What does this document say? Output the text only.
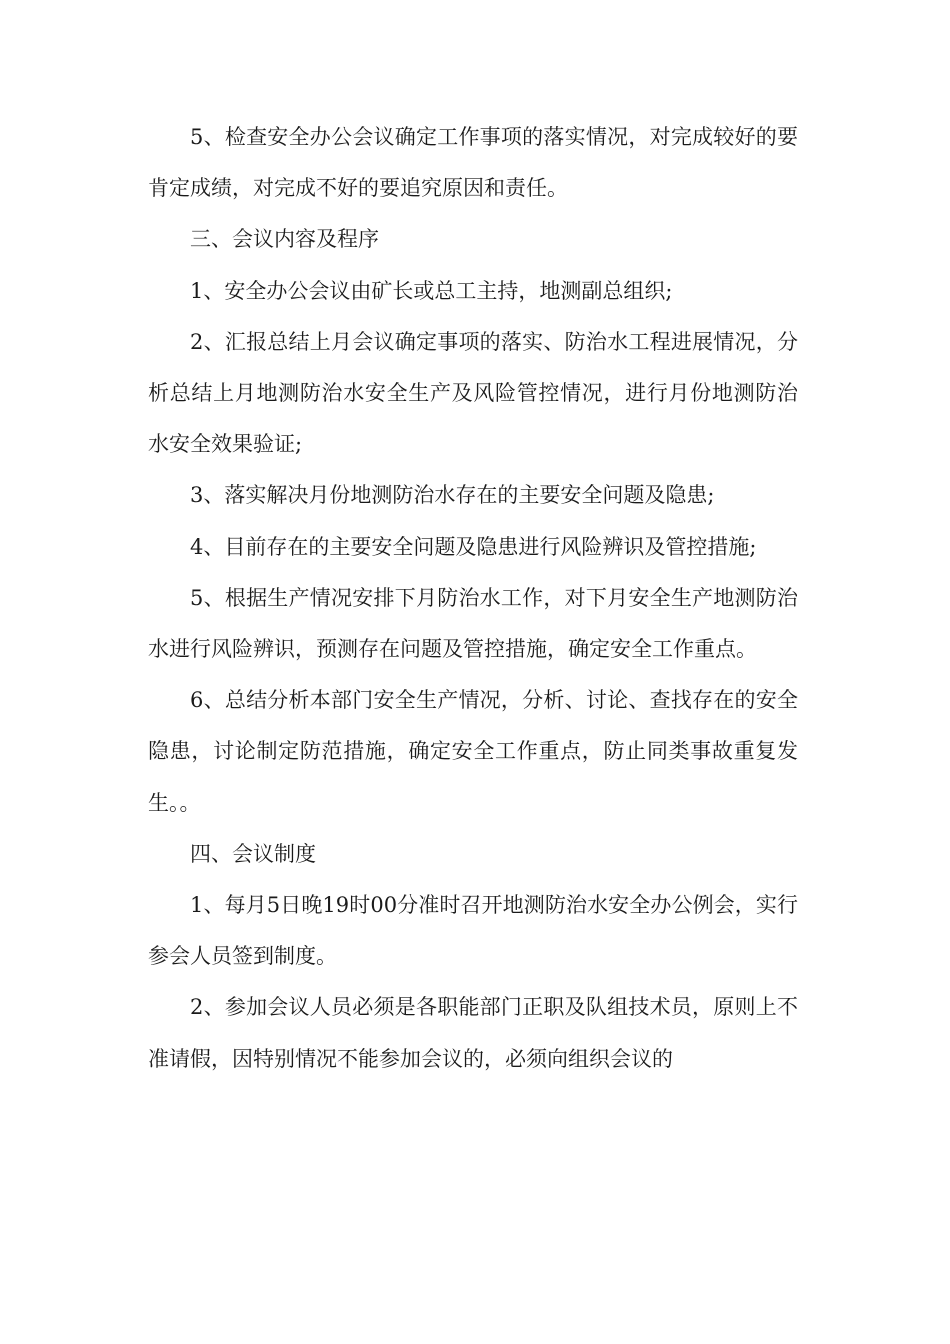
5、检查安全办公会议确定工作事项的落实情况，对完成较好的要肯定成绩，对完成不好的要追究原因和责任。

三、会议内容及程序

1、安全办公会议由矿长或总工主持，地测副总组织;

2、汇报总结上月会议确定事项的落实、防治水工程进展情况，分析总结上月地测防治水安全生产及风险管控情况，进行月份地测防治水安全效果验证;

3、落实解决月份地测防治水存在的主要安全问题及隐患;

4、目前存在的主要安全问题及隐患进行风险辨识及管控措施;

5、根据生产情况安排下月防治水工作，对下月安全生产地测防治水进行风险辨识，预测存在问题及管控措施，确定安全工作重点。

6、总结分析本部门安全生产情况，分析、讨论、查找存在的安全隐患，讨论制定防范措施，确定安全工作重点，防止同类事故重复发生。。

四、会议制度

1、每月5日晚19时00分准时召开地测防治水安全办公例会，实行参会人员签到制度。

2、参加会议人员必须是各职能部门正职及队组技术员，原则上不准请假，因特别情况不能参加会议的，必须向组织会议的
